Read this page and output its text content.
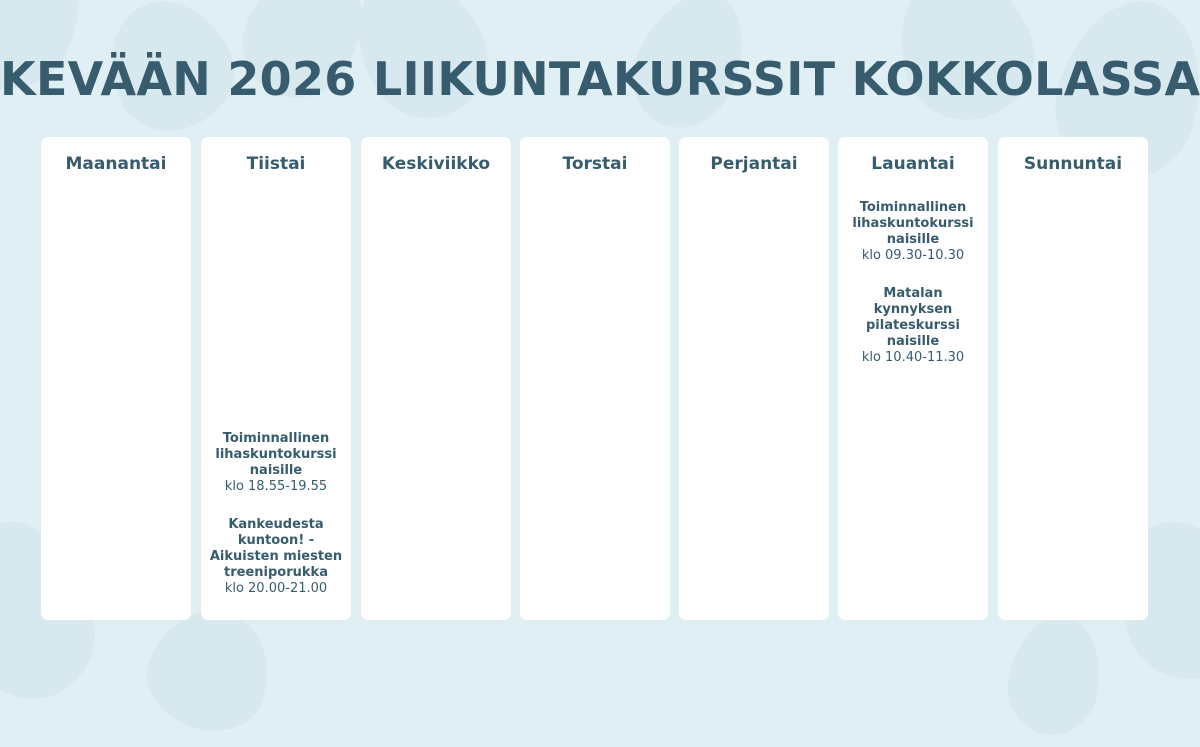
KEVÄÄN 2026 LIIKUNTAKURSSIT KOKKOLASSA
Maanantai	Tiistai
Toiminnallinen lihaskuntokurssi naisille
klo 18.55-19.55
Kankeudesta kuntoon! - Aikuisten miesten treeniporukka
klo 20.00-21.00
Keskiviikko	Torstai	Perjantai	Lauantai
Toiminnallinen lihaskuntokurssi naisille
klo 09.30-10.30
Matalan kynnyksen pilateskurssi naisille
klo 10.40-11.30
Sunnuntai
